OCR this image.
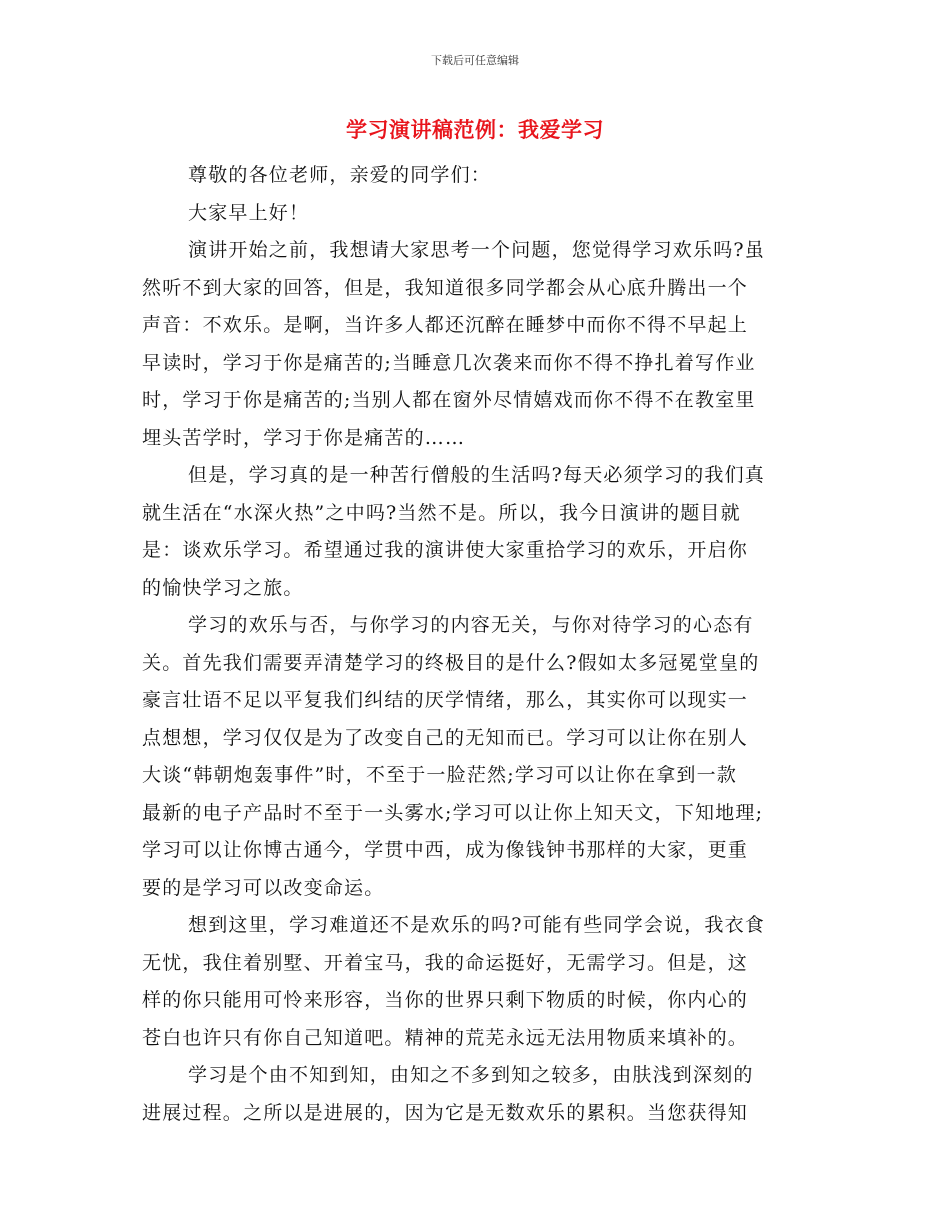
下载后可任意编辑
学习演讲稿范例：我爱学习
尊敬的各位老师，亲爱的同学们：
大家早上好！
演讲开始之前，我想请大家思考一个问题，您觉得学习欢乐吗?虽
然听不到大家的回答，但是，我知道很多同学都会从心底升腾出一个
声音：不欢乐。是啊，当许多人都还沉醉在睡梦中而你不得不早起上
早读时，学习于你是痛苦的;当睡意几次袭来而你不得不挣扎着写作业
时，学习于你是痛苦的;当别人都在窗外尽情嬉戏而你不得不在教室里
埋头苦学时，学习于你是痛苦的……
但是，学习真的是一种苦行僧般的生活吗?每天必须学习的我们真
就生活在“水深火热”之中吗?当然不是。所以，我今日演讲的题目就
是：谈欢乐学习。希望通过我的演讲使大家重拾学习的欢乐，开启你
的愉快学习之旅。
学习的欢乐与否，与你学习的内容无关，与你对待学习的心态有
关。首先我们需要弄清楚学习的终极目的是什么?假如太多冠冕堂皇的
豪言壮语不足以平复我们纠结的厌学情绪，那么，其实你可以现实一
点想想，学习仅仅是为了改变自己的无知而已。学习可以让你在别人
大谈“韩朝炮轰事件”时，不至于一脸茫然;学习可以让你在拿到一款
最新的电子产品时不至于一头雾水;学习可以让你上知天文，下知地理;
学习可以让你博古通今，学贯中西，成为像钱钟书那样的大家，更重
要的是学习可以改变命运。
想到这里，学习难道还不是欢乐的吗?可能有些同学会说，我衣食
无忧，我住着别墅、开着宝马，我的命运挺好，无需学习。但是，这
样的你只能用可怜来形容，当你的世界只剩下物质的时候，你内心的
苍白也许只有你自己知道吧。精神的荒芜永远无法用物质来填补的。
学习是个由不知到知，由知之不多到知之较多，由肤浅到深刻的
进展过程。之所以是进展的，因为它是无数欢乐的累积。当您获得知
